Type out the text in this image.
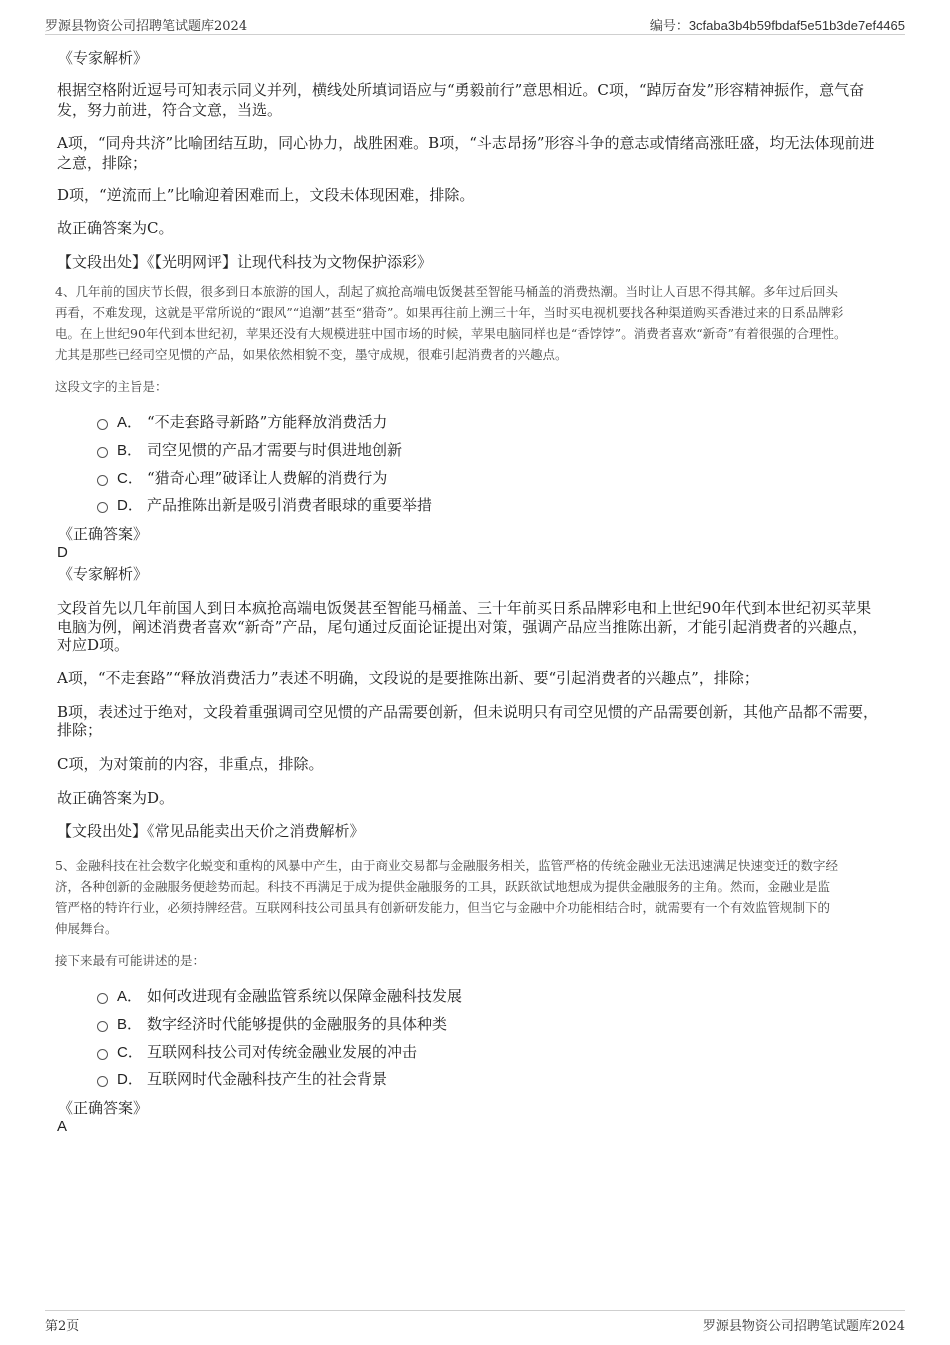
罗源县物资公司招聘笔试题库2024	编号：3cfaba3b4b59fbdaf5e51b3de7ef4465
《专家解析》
根据空格附近逗号可知表示同义并列，横线处所填词语应与“勇毅前行”意思相近。C项，“踔厉奋发”形容精神振作，意气奋
发，努力前进，符合文意，当选。
A项，“同舟共济”比喻团结互助，同心协力，战胜困难。B项，“斗志昂扬”形容斗争的意志或情绪高涨旺盛，均无法体现前进
之意，排除；
D项，“逆流而上”比喻迎着困难而上，文段未体现困难，排除。
故正确答案为C。
【文段出处】《【光明网评】让现代科技为文物保护添彩》
4、几年前的国庆节长假，很多到日本旅游的国人，刮起了疯抢高端电饭煲甚至智能马桶盖的消费热潮。当时让人百思不得其解。多年过后回头
再看，不难发现，这就是平常所说的“跟风”“追潮”甚至“猎奇”。如果再往前上溯三十年，当时买电视机要找各种渠道购买香港过来的日系品牌彩
电。在上世纪90年代到本世纪初，苹果还没有大规模进驻中国市场的时候，苹果电脑同样也是“香饽饽”。消费者喜欢“新奇”有着很强的合理性。
尤其是那些已经司空见惯的产品，如果依然相貌不变，墨守成规，很难引起消费者的兴趣点。
这段文字的主旨是：
A． “不走套路寻新路”方能释放消费活力
B． 司空见惯的产品才需要与时俱进地创新
C． “猎奇心理”破译让人费解的消费行为
D． 产品推陈出新是吸引消费者眼球的重要举措
《正确答案》
D
《专家解析》
文段首先以几年前国人到日本疯抢高端电饭煲甚至智能马桶盖、三十年前买日系品牌彩电和上世纪90年代到本世纪初买苹果
电脑为例，阐述消费者喜欢“新奇”产品，尾句通过反面论证提出对策，强调产品应当推陈出新，才能引起消费者的兴趣点，
对应D项。
A项，“不走套路”“释放消费活力”表述不明确，文段说的是要推陈出新、要“引起消费者的兴趣点”，排除；
B项，表述过于绝对，文段着重强调司空见惯的产品需要创新，但未说明只有司空见惯的产品需要创新，其他产品都不需要，
排除；
C项，为对策前的内容，非重点，排除。
故正确答案为D。
【文段出处】《常见品能卖出天价之消费解析》
5、金融科技在社会数字化蜕变和重构的风暴中产生，由于商业交易都与金融服务相关，监管严格的传统金融业无法迅速满足快速变迁的数字经
济，各种创新的金融服务便趁势而起。科技不再满足于成为提供金融服务的工具，跃跃欲试地想成为提供金融服务的主角。然而，金融业是监
管严格的特许行业，必须持牌经营。互联网科技公司虽具有创新研发能力，但当它与金融中介功能相结合时，就需要有一个有效监管规制下的
伸展舞台。
接下来最有可能讲述的是：
A． 如何改进现有金融监管系统以保障金融科技发展
B． 数字经济时代能够提供的金融服务的具体种类
C． 互联网科技公司对传统金融业发展的冲击
D． 互联网时代金融科技产生的社会背景
《正确答案》
A
第2页	罗源县物资公司招聘笔试题库2024
